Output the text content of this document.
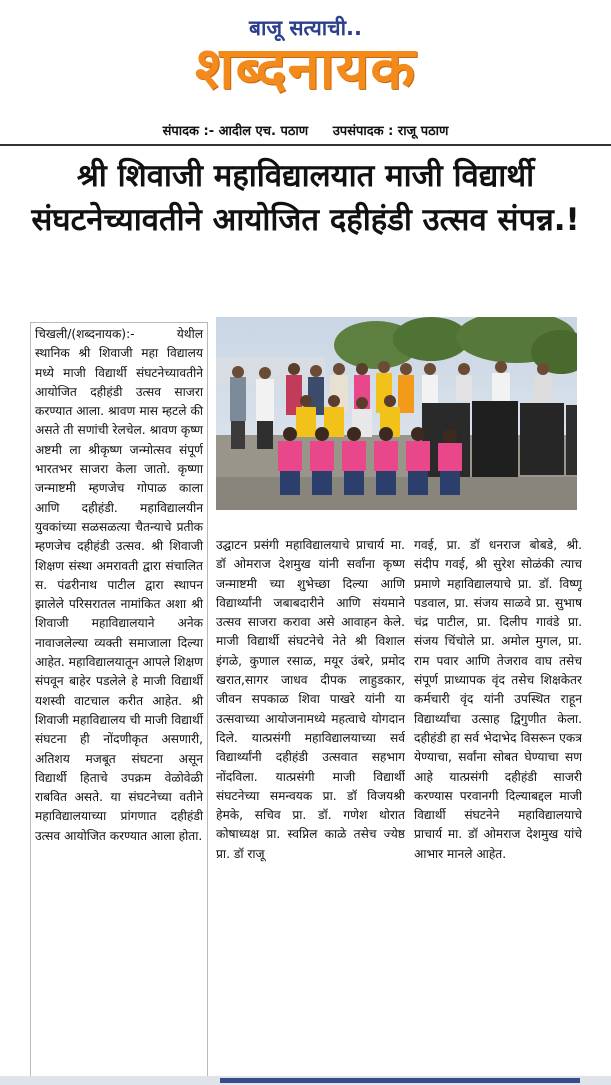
बाजू सत्याची..
शब्दनायक
संपादक :- आदील एच. पठाण उपसंपादक : राजू पठाण
श्री शिवाजी महाविद्यालयात माजी विद्यार्थी संघटनेच्यावतीने आयोजित दहीहंडी उत्सव संपन्न.!
चिखली/(शब्दनायक):- येथील स्थानिक श्री शिवाजी महा विद्यालय मध्ये माजी विद्यार्थी संघटनेच्यावतीने आयोजित दहीहंडी उत्सव साजरा करण्यात आला. श्रावण मास म्हटले की असते ती सणांची रेलचेल. श्रावण कृष्ण अष्टमी ला श्रीकृष्ण जन्मोत्सव संपूर्ण भारतभर साजरा केला जातो. कृष्णा जन्माष्टमी म्हणजेच गोपाळ काला आणि दहीहंडी. महाविद्यालयीन युवकांच्या सळसळत्या चैतन्याचे प्रतीक म्हणजेच दहीहंडी उत्सव. श्री शिवाजी शिक्षण संस्था अमरावती द्वारा संचालित स. पंढरीनाथ पाटील द्वारा स्थापन झालेले परिसरातल नामांकित अशा श्री शिवाजी महाविद्यालयाने अनेक नावाजलेल्या व्यक्ती समाजाला दिल्या आहेत. महाविद्यालयातून आपले शिक्षण संपवून बाहेर पडलेले हे माजी विद्यार्थी यशस्वी वाटचाल करीत आहेत. श्री शिवाजी महाविद्यालय ची माजी विद्यार्थी संघटना ही नोंदणीकृत असणारी, अतिशय मजबूत संघटना असून विद्यार्थी हिताचे उपक्रम वेळोवेळी राबवित असते. या संघटनेच्या वतीने महाविद्यालयाच्या प्रांगणात दहीहंडी उत्सव आयोजित करण्यात आला होता.
उद्घाटन प्रसंगी महाविद्यालयाचे प्राचार्य मा. डॉ ओमराज देशमुख यांनी सर्वांना कृष्ण जन्माष्टमी च्या शुभेच्छा दिल्या आणि विद्यार्थ्यांनी जबाबदारीने आणि संयमाने उत्सव साजरा करावा असे आवाहन केले. माजी विद्यार्थी संघटनेचे नेते श्री विशाल इंगळे, कुणाल रसाळ, मयूर उंबरे, प्रमोद खरात,सागर जाधव दीपक लाहुडकार, जीवन सपकाळ शिवा पाखरे यांनी या उत्सवाच्या आयोजनामध्ये महत्वाचे योगदान दिले. यात्प्रसंगी महाविद्यालयाच्या सर्व विद्यार्थ्यांनी दहीहंडी उत्सवात सहभाग नोंदविला. यात्प्रसंगी माजी विद्यार्थी संघटनेच्या समन्वयक प्रा. डॉ विजयश्री हेमके, सचिव प्रा. डॉ. गणेश थोरात कोषाध्यक्ष प्रा. स्वप्निल काळे तसेच ज्येष्ठ प्रा. डॉ राजू
गवई, प्रा. डॉ धनराज बोबडे, श्री. संदीप गवई, श्री सुरेश सोळंकी त्याच प्रमाणे महाविद्यालयाचे प्रा. डॉ. विष्णू पडवाल, प्रा. संजय साळवे प्रा. सुभाष चंद्र पाटील, प्रा. दिलीप गावंडे प्रा. संजय चिंचोले प्रा. अमोल मुगल, प्रा. राम पवार आणि तेजराव वाघ तसेच संपूर्ण प्राध्यापक वृंद तसेच शिक्षकेतर कर्मचारी वृंद यांनी उपस्थित राहून विद्यार्थ्यांचा उत्साह द्विगुणीत केला. दहीहंडी हा सर्व भेदाभेद विसरून एकत्र येण्याचा, सर्वांना सोबत घेण्याचा सण आहे यात्प्रसंगी दहीहंडी साजरी करण्यास परवानगी दिल्याबद्दल माजी विद्यार्थी संघटनेने महाविद्यालयाचे प्राचार्य मा. डॉ ओमराज देशमुख यांचे आभार मानले आहेत.
